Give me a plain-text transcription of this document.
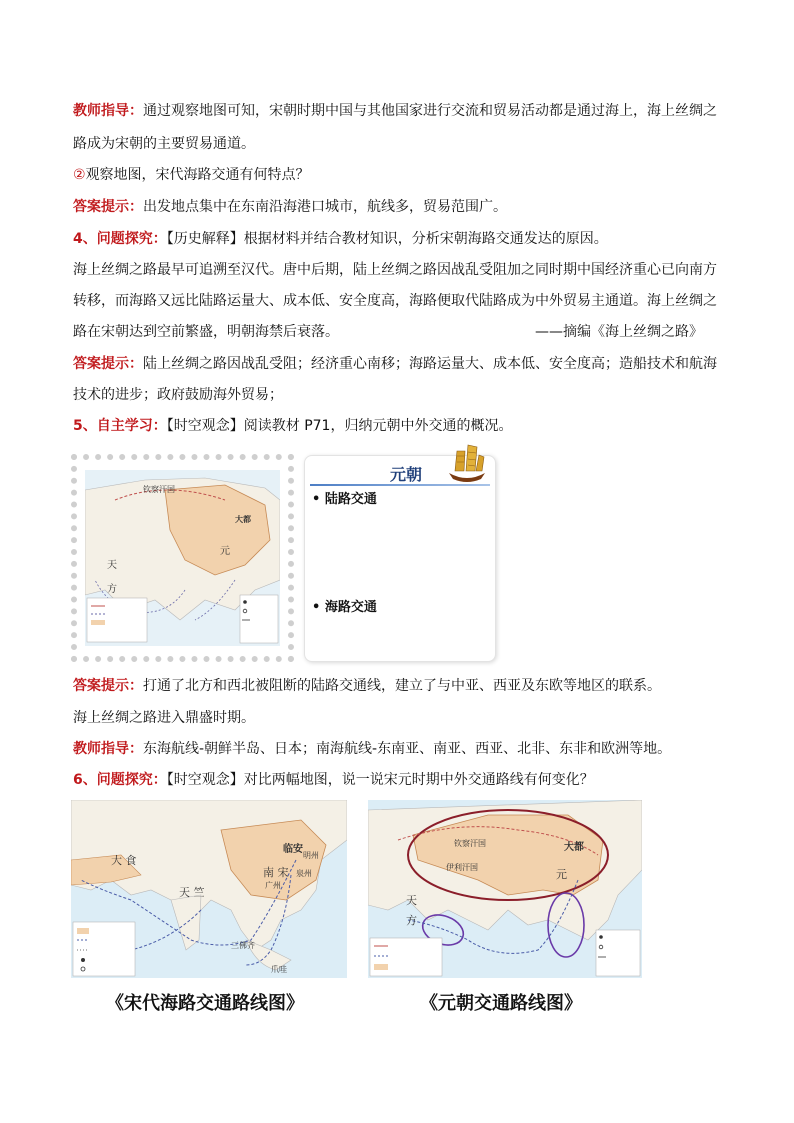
教师指导：通过观察地图可知，宋朝时期中国与其他国家进行交流和贸易活动都是通过海上，海上丝绸之
路成为宋朝的主要贸易通道。
②观察地图，宋代海路交通有何特点？
答案提示：出发地点集中在东南沿海港口城市，航线多，贸易范围广。
4、问题探究：【历史解释】根据材料并结合教材知识，分析宋朝海路交通发达的原因。
海上丝绸之路最早可追溯至汉代。唐中后期，陆上丝绸之路因战乱受阻加之同时期中国经济重心已向南方
转移，而海路又远比陆路运量大、成本低、安全度高，海路便取代陆路成为中外贸易主通道。海上丝绸之
路在宋朝达到空前繁盛，明朝海禁后衰落。	——摘编《海上丝绸之路》
答案提示：陆上丝绸之路因战乱受阻；经济重心南移；海路运量大、成本低、安全度高；造船技术和航海
技术的进步；政府鼓励海外贸易；
5、自主学习：【时空观念】阅读教材 P71，归纳元朝中外交通的概况。
钦察汗国
大都
元
天
方
元朝
• 陆路交通
• 海路交通
答案提示：打通了北方和西北被阻断的陆路交通线，建立了与中亚、西亚及东欧等地区的联系。
海上丝绸之路进入鼎盛时期。
教师指导：东海航线-朝鲜半岛、日本；南海航线-东南亚、南亚、西亚、北非、东非和欧洲等地。
6、问题探究：【时空观念】对比两幅地图，说一说宋元时期中外交通路线有何变化？
大 食
天 竺
南 宋
临安
泉州
广州
明州
三佛齐
爪哇
钦察汗国	大都
元
伊利汗国
天
方
《宋代海路交通路线图》	《元朝交通路线图》
